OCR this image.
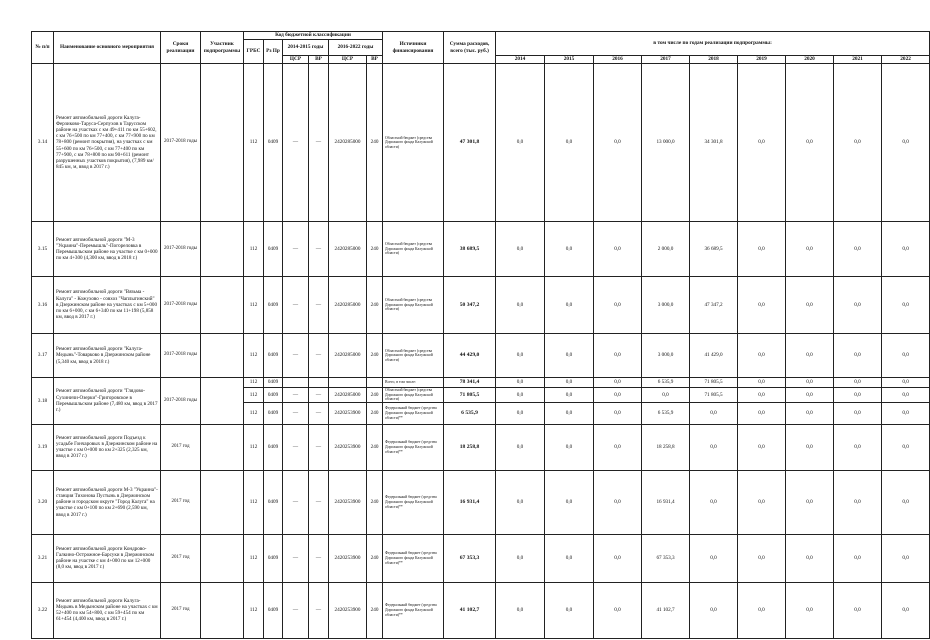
№ п/п	Наименование основного мероприятия	Сроки реализации	Участник подпрограммы	Код бюджетной классификации						Источники финансирования	Сумма расходов, всего (тыс. руб.)	в том числе по годам реализации подпрограммы:								
				ГРБС	Рз Пр	2014-2015 годы		2016-2022 годы												

						ЦСР	ВР	ЦСР	ВР			2014	2015	2016	2017	2018	2019	2020	2021	2022
3.14	Ремонт автомобильной дороги Калуга-Ферзиково-Таруса-Серпухов в Тарусском районе на участках с км 49+411 по км 55+602, с км 76+500 по км 77+400, с км 77+900 по км 78+800 (ремонт покрытия), на участках с км 55+600 по км 76+500, с км 77+400 по км 77+900, с км 78+800 по км 90+611 (ремонт разрушенных участков покрытия), (7,989 км/ 845 км, м, ввод в 2017 г.)	2017-2018 годы		112	0409	—	—	2420285000	240	Областной бюджет (средства Дорожного фонда Калужской области)	47 301,8	0,0	0,0	0,0	13 000,0	34 301,8	0,0	0,0	0,0	0,0
3.15	Ремонт автомобильной дороги "М-3 "Украина"-Перемышль"-Погореловка в Перемышльском районе на участке с км 0+000 по км 4+300 (4,300 км, ввод в 2018 г.)	2017-2018 годы		112	0409	—	—	2420285000	240	Областной бюджет (средства Дорожного фонда Калужской области)	38 689,5	0,0	0,0	0,0	2 000,0	36 689,5	0,0	0,0	0,0	0,0
3.16	Ремонт автомобильной дороги "Вязьма - Калуга" - Кожухово - совхоз "Чаплыгинский" в Дзержинском районе на участках с км 5+000 по км 6+000, с км 6+340 по км 11+198 (5,858 км, ввод в 2017 г.)	2017-2018 годы		112	0409	—	—	2420285000	240	Областной бюджет (средства Дорожного фонда Калужской области)	50 347,2	0,0	0,0	0,0	3 000,0	47 347,2	0,0	0,0	0,0	0,0
3.17	Ремонт автомобильной дороги "Калуга-Медынь"-Товарково в Дзержинском районе (5,340 км, ввод в 2018 г.)	2017-2018 годы		112	0409	—	—	2420285000	240	Областной бюджет (средства Дорожного фонда Калужской области)	44 429,0	0,0	0,0	0,0	3 000,0	41 429,0	0,0	0,0	0,0	0,0
3.18	Ремонт автомобильной дороги "Глядово-Сухиничи-Озерки"-Григоровское в Перемышльском районе (7,480 км, ввод в 2017 г.)	2017-2018 годы		112	0409					Всего, в том числе:	78 341,4	0,0	0,0	0,0	6 535,9	71 805,5	0,0	0,0	0,0	0,0
				112	0409	—	—	2420285000	240	Областной бюджет (средства Дорожного фонда Калужской области)	71 805,5	0,0	0,0	0,0	0,0	71 805,5	0,0	0,0	0,0	0,0
				112	0409	—	—	2420253900	240	Федеральный бюджет (средства Дорожного фонда Калужской области)**	6 535,9	0,0	0,0	0,0	6 535,9	0,0	0,0	0,0	0,0	0,0
3.19	Ремонт автомобильной дороги Подъезд к усадьбе Гончаровых в Дзержинском районе на участке с км 0+000 по км 2+325 (2,325 км, ввод в 2017 г.)	2017 год		112	0409	—	—	2420253900	240	Федеральный бюджет (средства Дорожного фонда Калужской области)**	18 258,8	0,0	0,0	0,0	18 258,8	0,0	0,0	0,0	0,0	0,0
3.20	Ремонт автомобильной дороги М-3 "Украина"-станция Тихонова Пустынь в Дзержинском районе и городском округе "Город Калуга" на участке с км 0+100 по км 2+690 (2,590 км, ввод в 2017 г.)	2017 год		112	0409	—	—	2420253900	240	Федеральный бюджет (средства Дорожного фонда Калужской области)**	16 931,4	0,0	0,0	0,0	16 931,4	0,0	0,0	0,0	0,0	0,0
3.21	Ремонт автомобильной дороги Кондрово-Галкино-Острожное-Барсуки в Дзержинском районе на участке с км 4+000 по км 12+000 (8,0 км, ввод в 2017 г.)	2017 год		112	0409	—	—	2420253900	240	Федеральный бюджет (средства Дорожного фонда Калужской области)**	67 353,3	0,0	0,0	0,0	67 353,3	0,0	0,0	0,0	0,0	0,0
3.22	Ремонт автомобильной дороги Калуга-Медынь в Медынском районе на участках с км 52+400 по км 54+800, с км 59+454 по км 61+454 (4,400 км, ввод в 2017 г.)	2017 год		112	0409	—	—	2420253900	240	Федеральный бюджет (средства Дорожного фонда Калужской области)**	41 102,7	0,0	0,0	0,0	41 102,7	0,0	0,0	0,0	0,0	0,0
